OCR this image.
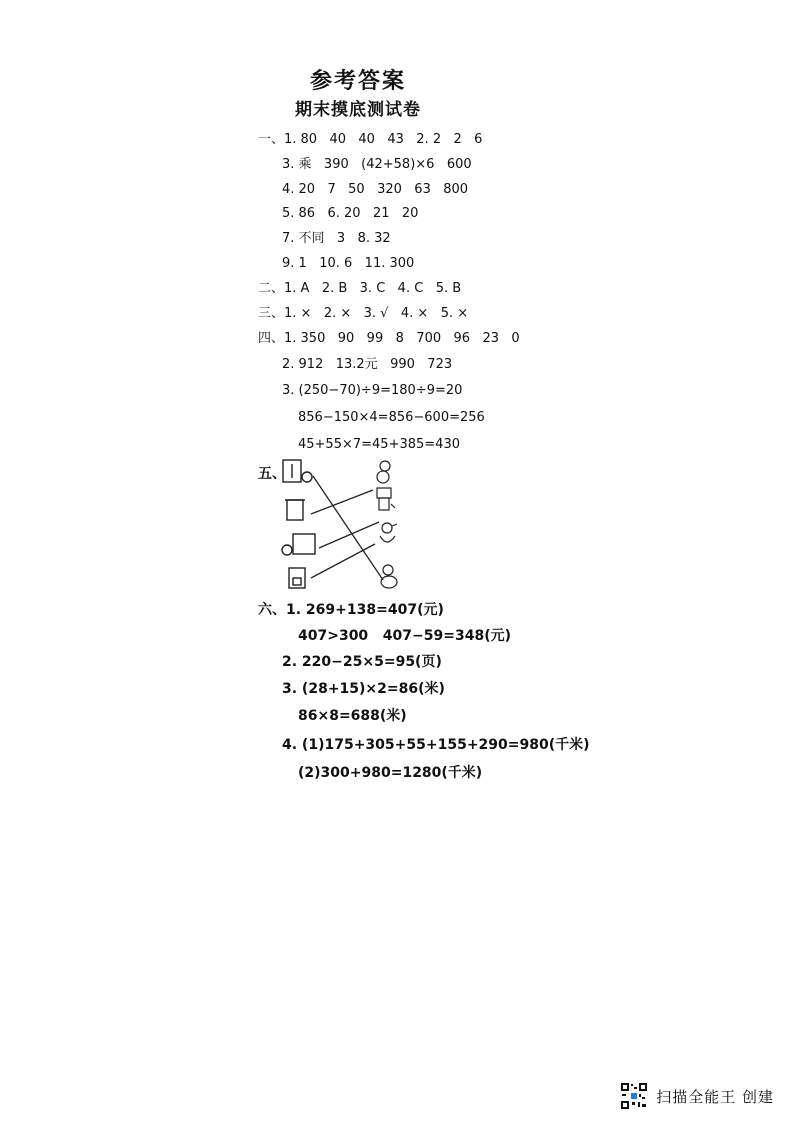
参考答案
期末摸底测试卷
一、1. 80   40   40   43   2. 2   2   6
3. 乘   390   (42+58)×6   600
4. 20   7   50   320   63   800
5. 86   6. 20   21   20
7. 不同   3   8. 32
9. 1   10. 6   11. 300
二、1. A   2. B   3. C   4. C   5. B
三、1. ×   2. ×   3. √   4. ×   5. ×
四、1. 350   90   99   8   700   96   23   0
2. 912   13.2元   990   723
3. (250−70)÷9=180÷9=20
856−150×4=856−600=256
45+55×7=45+385=430
五、
六、1. 269+138=407(元)
407>300   407−59=348(元)
2. 220−25×5=95(页)
3. (28+15)×2=86(米)
86×8=688(米)
4. (1)175+305+55+155+290=980(千米)
(2)300+980=1280(千米)
扫描全能王 创建
